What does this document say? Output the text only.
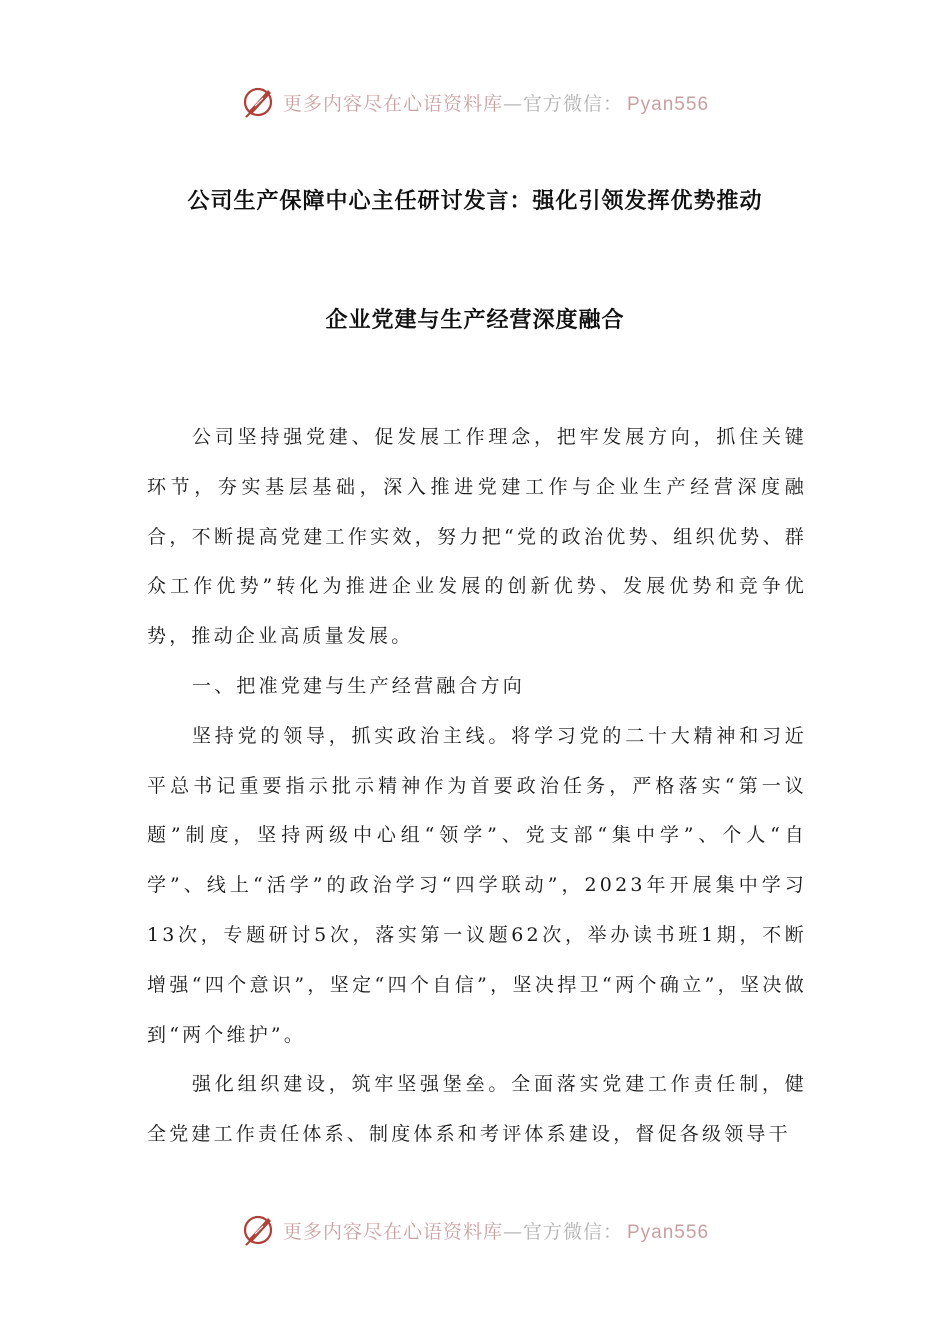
更多内容尽在心语资料库—官方微信： Pyan556
公司生产保障中心主任研讨发言：强化引领发挥优势推动
企业党建与生产经营深度融合

公司坚持强党建、促发展工作理念，把牢发展方向，抓住关键环节，夯实基层基础，深入推进党建工作与企业生产经营深度融合，不断提高党建工作实效，努力把“党的政治优势、组织优势、群众工作优势”转化为推进企业发展的创新优势、发展优势和竞争优势，推动企业高质量发展。

一、把准党建与生产经营融合方向

坚持党的领导，抓实政治主线。将学习党的二十大精神和习近平总书记重要指示批示精神作为首要政治任务，严格落实“第一议题”制度，坚持两级中心组“领学”、党支部“集中学”、个人“自学”、线上“活学”的政治学习“四学联动”，2023年开展集中学习13次，专题研讨5次，落实第一议题62次，举办读书班1期，不断增强“四个意识”，坚定“四个自信”，坚决捍卫“两个确立”，坚决做到“两个维护”。

强化组织建设，筑牢坚强堡垒。全面落实党建工作责任制，健全党建工作责任体系、制度体系和考评体系建设，督促各级领导干

更多内容尽在心语资料库—官方微信： Pyan556
